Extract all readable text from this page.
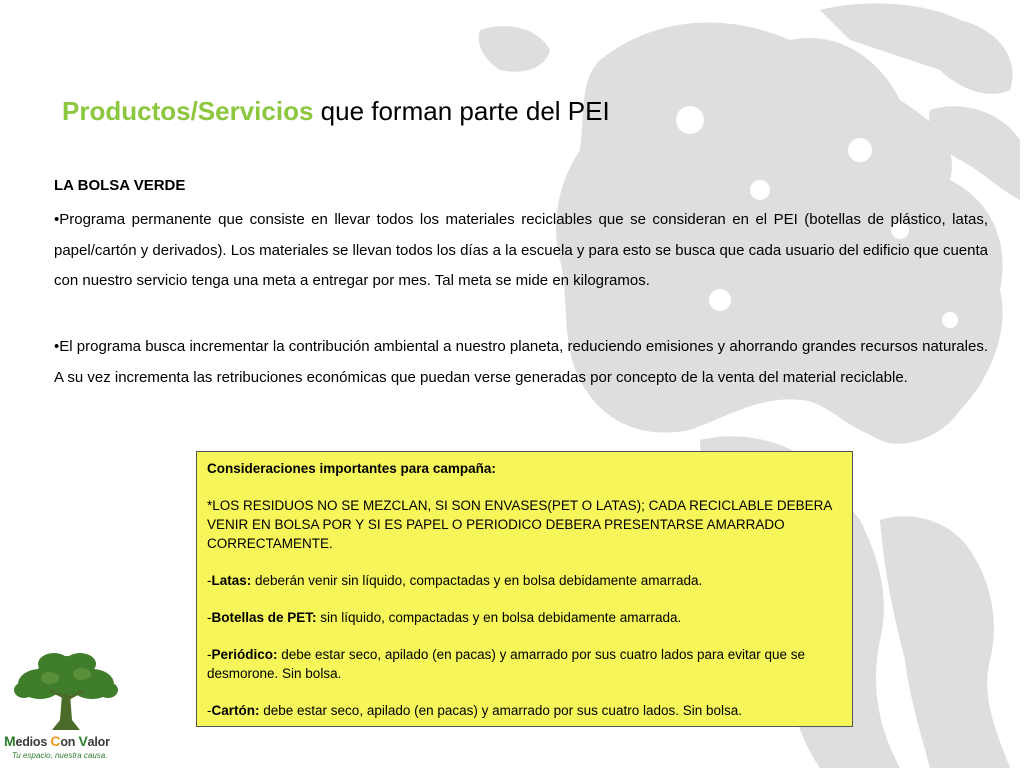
Productos/Servicios que forman parte del PEI

LA BOLSA VERDE

•Programa permanente que consiste en llevar todos los materiales reciclables que se consideran en el PEI (botellas de plástico, latas, papel/cartón y derivados). Los materiales se llevan todos los días a la escuela y para esto se busca que cada usuario del edificio que cuenta con nuestro servicio tenga una meta a entregar por mes. Tal meta se mide en kilogramos.

•El programa busca incrementar la contribución ambiental a nuestro planeta, reduciendo emisiones y ahorrando grandes recursos naturales. A su vez incrementa las retribuciones económicas que puedan verse generadas por concepto de la venta del material reciclable.

Consideraciones importantes para campaña:

*LOS RESIDUOS NO SE MEZCLAN, SI SON ENVASES(PET O LATAS); CADA RECICLABLE DEBERA VENIR EN BOLSA POR Y SI ES PAPEL O PERIODICO DEBERA PRESENTARSE AMARRADO CORRECTAMENTE.

-Latas: deberán venir sin líquido, compactadas y en bolsa debidamente amarrada.

-Botellas de PET: sin líquido, compactadas y en bolsa debidamente amarrada.

-Periódico: debe estar seco, apilado (en pacas) y amarrado por sus cuatro lados para evitar que se desmorone. Sin bolsa.

-Cartón: debe estar seco, apilado (en pacas) y amarrado por sus cuatro lados. Sin bolsa.

Medios Con Valor
Tu espacio, nuestra causa.
